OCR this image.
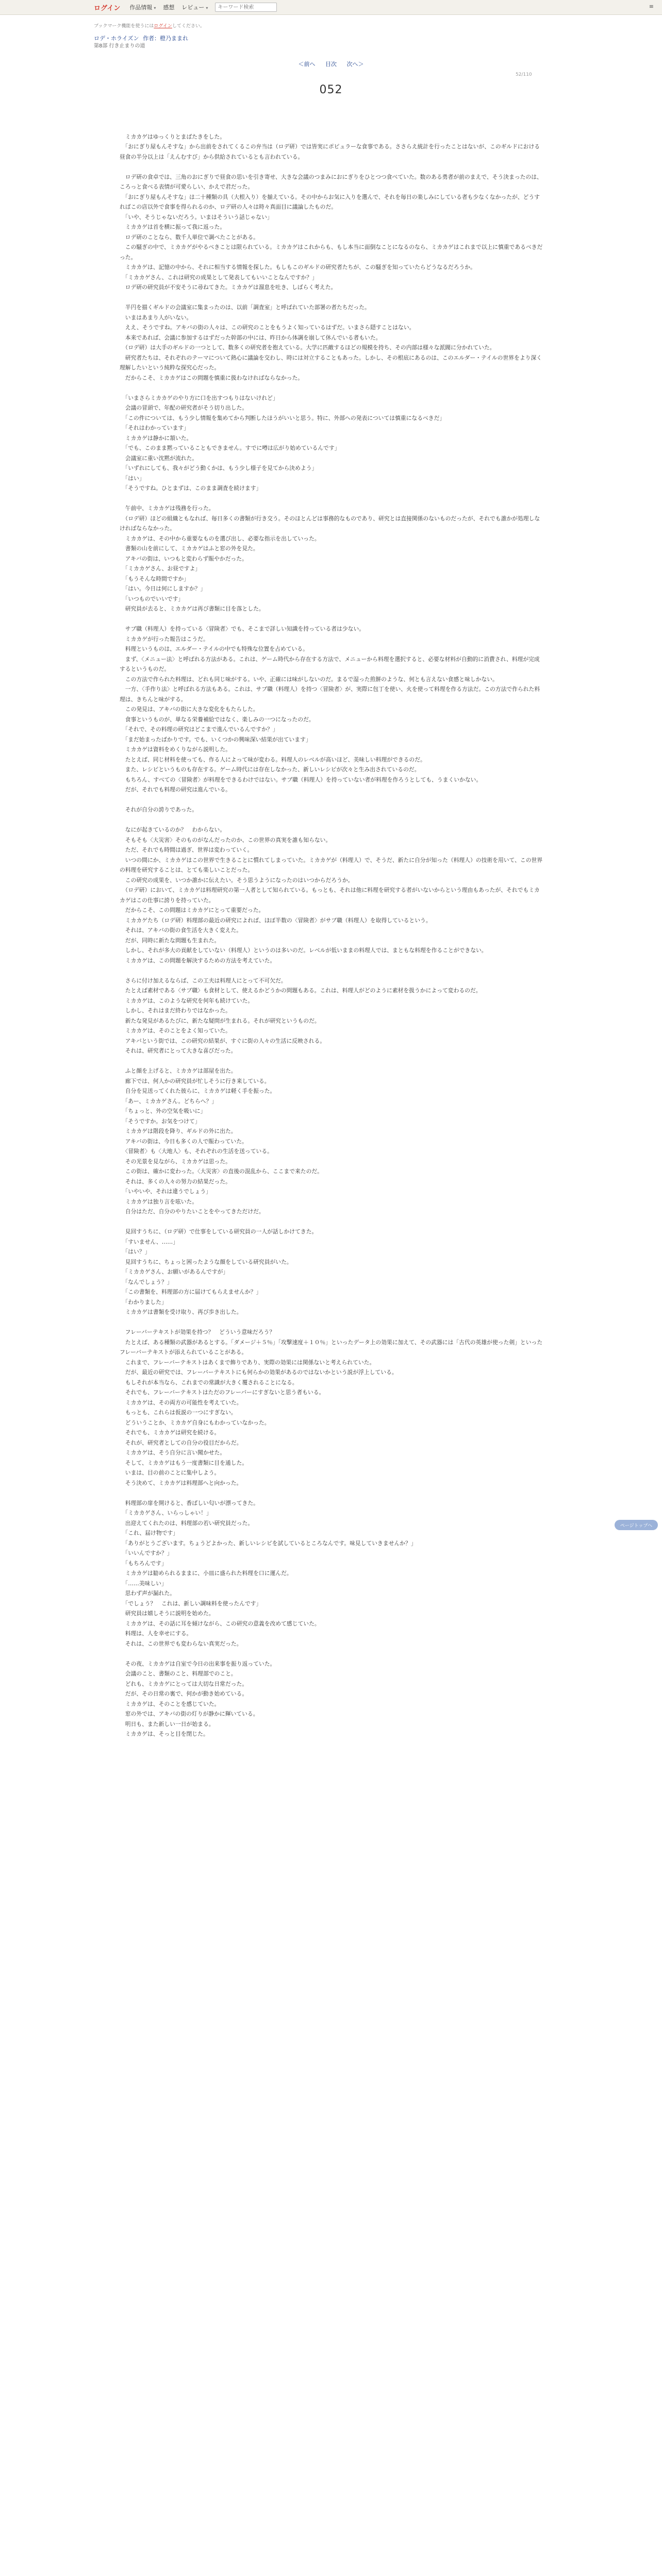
ログイン 作品情報 ▾	感想 レビュー ▾
キーワード検索	≡
ブックマーク機能を使うにはログインしてください。
ロデ・ホライズン 作者：橙乃ままれ
第8部 行き止まりの道
＜前へ 目次 次へ＞
52/110
052

　ミカカゲはゆっくりとまばたきをした。

　「おにぎり屋もんそすな」から出前をされてくるこの弁当は（ロデ研）では皆実にポピュラーな食事である。ささらえ統計を行ったことはないが、このギルドにおける昼食の半分以上は「えんむすび」から供給されているとも言われている。

　ロデ研の食卓では、三角のおにぎりで昼食の思いを引き寄せ、大きな会議のつまみにおにぎりをひとつつ食べていた。数のある勇者が前のまえで、そう決まったのは、ころっと食べる表情が可愛らしい、かえで君だった。

　「おにぎり屋もんそすな」は二十種類の具（大根入り）を揃えている。その中からお気に入りを選んで、それを毎日の楽しみにしている者も少なくなかったが、どうすればこの店以外で食事を得られるのか、ロデ研の人々は時々真面目に議論したものだ。

　「いや、そうじゃないだろう。いまはそういう話じゃない」

　ミカカゲは首を横に振って我に返った。

　ロデ研のことなら、数千人単位で調べたことがある。

　この騒ぎの中で、ミカカゲがやるべきことは限られている。ミカカゲはこれからも、もし本当に面倒なことになるのなら、ミカカゲはこれまで以上に慎重であるべきだった。

　ミカカゲは、記憶の中から、それに相当する情報を探した。もしもこのギルドの研究者たちが、この騒ぎを知っていたらどうなるだろうか。

　「ミカカゲさん、これは研究の成果として発表してもいいことなんですか？」

　ロデ研の研究員が不安そうに尋ねてきた。ミカカゲは溜息を吐き、しばらく考えた。

　半円を描くギルドの会議室に集まったのは、以前「調査室」と呼ばれていた部署の者たちだった。

　いまはあまり人がいない。

　ええ、そうですね。アキバの街の人々は、この研究のことをもうよく知っているはずだ。いまさら隠すことはない。

　本来であれば、会議に参加するはずだった幹部の中には、昨日から体調を崩して休んでいる者もいた。

　（ロデ研）は大手のギルドの一つとして、数多くの研究者を抱えている。大学に匹敵するほどの規模を持ち、その内部は様々な派閥に分かれていた。

　研究者たちは、それぞれのテーマについて熱心に議論を交わし、時には対立することもあった。しかし、その根底にあるのは、このエルダー・テイルの世界をより深く理解したいという純粋な探究心だった。

　だからこそ、ミカカゲはこの問題を慎重に扱わなければならなかった。

　「いまさらミカカゲのやり方に口を出すつもりはないけれど」

　会議の冒頭で、年配の研究者がそう切り出した。

　「この件については、もう少し情報を集めてから判断したほうがいいと思う。特に、外部への発表については慎重になるべきだ」

　「それはわかっています」

　ミカカゲは静かに頷いた。

　「でも、このまま黙っていることもできません。すでに噂は広がり始めているんです」

　会議室に重い沈黙が流れた。

　「いずれにしても、我々がどう動くかは、もう少し様子を見てから決めよう」

　「はい」

　「そうですね。ひとまずは、このまま調査を続けます」

　午前中、ミカカゲは残務を行った。

　（ロデ研）ほどの組織ともなれば、毎日多くの書類が行き交う。そのほとんどは事務的なものであり、研究とは直接関係のないものだったが、それでも誰かが処理しなければならなかった。

　ミカカゲは、その中から重要なものを選び出し、必要な指示を出していった。

　書類の山を前にして、ミカカゲはふと窓の外を見た。

　アキバの街は、いつもと変わらず賑やかだった。

　「ミカカゲさん、お昼ですよ」

　「もうそんな時間ですか」

　「はい。今日は何にしますか？」

　「いつものでいいです」

　研究員が去ると、ミカカゲは再び書類に目を落とした。

　サブ職（料理人）を持っている〈冒険者〉でも、そこまで詳しい知識を持っている者は少ない。

　ミカカゲが行った報告はこうだ。

　料理というものは、エルダー・テイルの中でも特殊な位置を占めている。

　まず、〈メニュー法〉と呼ばれる方法がある。これは、ゲーム時代から存在する方法で、メニューから料理を選択すると、必要な材料が自動的に消費され、料理が完成するというものだ。

　この方法で作られた料理は、どれも同じ味がする。いや、正確には味がしないのだ。まるで湿った煎餅のような、何とも言えない食感と味しかない。

　一方、〈手作り法〉と呼ばれる方法もある。これは、サブ職（料理人）を持つ〈冒険者〉が、実際に包丁を使い、火を使って料理を作る方法だ。この方法で作られた料理は、きちんと味がする。

　この発見は、アキバの街に大きな変化をもたらした。

　食事というものが、単なる栄養補給ではなく、楽しみの一つになったのだ。

　「それで、その料理の研究はどこまで進んでいるんですか？」

　「まだ始まったばかりです。でも、いくつかの興味深い結果が出ています」

　ミカカゲは資料をめくりながら説明した。

　たとえば、同じ材料を使っても、作る人によって味が変わる。料理人のレベルが高いほど、美味しい料理ができるのだ。

　また、レシピというものも存在する。ゲーム時代には存在しなかった、新しいレシピが次々と生み出されているのだ。

　もちろん、すべての〈冒険者〉が料理をできるわけではない。サブ職（料理人）を持っていない者が料理を作ろうとしても、うまくいかない。

　だが、それでも料理の研究は進んでいる。

　それが自分の誇りであった。

　なにが起きているのか？　わからない。

　そもそも〈大災害〉そのものがなんだったのか、この世界の真実を誰も知らない。

　ただ、それでも時間は過ぎ、世界は変わっていく。

　いつの間にか、ミカカゲはこの世界で生きることに慣れてしまっていた。ミカカゲが（料理人）で、そうだ、新たに自分が知った（料理人）の技術を用いて、この世界の料理を研究することは、とても楽しいことだった。

　この研究の成果を、いつか誰かに伝えたい。そう思うようになったのはいつからだろうか。

　（ロデ研）において、ミカカゲは料理研究の第一人者として知られている。もっとも、それは他に料理を研究する者がいないからという理由もあったが、それでもミカカゲはこの仕事に誇りを持っていた。

　だからこそ、この問題はミカカゲにとって重要だった。

　ミカカゲたち（ロデ研）料理部の最近の研究によれば、ほぼ半数の〈冒険者〉がサブ職（料理人）を取得しているという。

　それは、アキバの街の食生活を大きく変えた。

　だが、同時に新たな問題も生まれた。

　しかし、それが多大の貢献をしていない（料理人）というのは多いのだ。レベルが低いままの料理人では、まともな料理を作ることができない。

　ミカカゲは、この問題を解決するための方法を考えていた。

　さらに付け加えるならば、この工夫は料理人にとって不可欠だ。

　たとえば素材である〈サブ職〉も食材として、使えるかどうかの問題もある。これは、料理人がどのように素材を扱うかによって変わるのだ。

　ミカカゲは、このような研究を何年も続けていた。

　しかし、それはまだ終わりではなかった。

　新たな発見があるたびに、新たな疑問が生まれる。それが研究というものだ。

　ミカカゲは、そのことをよく知っていた。

　アキバという街では、この研究の結果が、すぐに街の人々の生活に反映される。

　それは、研究者にとって大きな喜びだった。

　ふと顔を上げると、ミカカゲは部屋を出た。

　廊下では、何人かの研究員が忙しそうに行き来している。

　自分を見送ってくれた彼らに、ミカカゲは軽く手を振った。

　「あー、ミカカゲさん。どちらへ？」

　「ちょっと、外の空気を吸いに」

　「そうですか。お気をつけて」

　ミカカゲは階段を降り、ギルドの外に出た。

　アキバの街は、今日も多くの人で賑わっていた。

　〈冒険者〉も〈大地人〉も、それぞれの生活を送っている。

　その光景を見ながら、ミカカゲは思った。

　この街は、確かに変わった。〈大災害〉の直後の混乱から、ここまで来たのだ。

　それは、多くの人々の努力の結果だった。

　「いやいや、それは違うでしょう」

　ミカカゲは独り言を呟いた。

　自分はただ、自分のやりたいことをやってきただけだ。

　見回すうちに、（ロデ研）で仕事をしている研究員の一人が話しかけてきた。

　「すいません、……」

　「はい？」

　見回すうちに、ちょっと困ったような顔をしている研究員がいた。

　「ミカカゲさん、お願いがあるんですが」

　「なんでしょう？」

　「この書類を、料理部の方に届けてもらえませんか？」

　「わかりました」

　ミカカゲは書類を受け取り、再び歩き出した。

　フレーバーテキストが効果を持つ？　どういう意味だろう？

　たとえば、ある種類の武器があるとする。「ダメージ＋５％」「攻撃速度＋１０％」といったデータ上の効果に加えて、その武器には「古代の英雄が使った剣」といったフレーバーテキストが添えられていることがある。

　これまで、フレーバーテキストはあくまで飾りであり、実際の効果には関係ないと考えられていた。

　だが、最近の研究では、フレーバーテキストにも何らかの効果があるのではないかという説が浮上している。

　もしそれが本当なら、これまでの常識が大きく覆されることになる。

　それでも、フレーバーテキストはただのフレーバーにすぎないと思う者もいる。

　ミカカゲは、その両方の可能性を考えていた。

　もっとも、これらは仮説の一つにすぎない。

　どういうことか、ミカカゲ自身にもわかっていなかった。

　それでも、ミカカゲは研究を続ける。

　それが、研究者としての自分の役目だからだ。

　ミカカゲは、そう自分に言い聞かせた。

　そして、ミカカゲはもう一度書類に目を通した。

　いまは、目の前のことに集中しよう。

　そう決めて、ミカカゲは料理部へと向かった。

　料理部の扉を開けると、香ばしい匂いが漂ってきた。

　「ミカカゲさん、いらっしゃい！」

　出迎えてくれたのは、料理部の若い研究員だった。

　「これ、届け物です」

　「ありがとうございます。ちょうどよかった、新しいレシピを試しているところなんです。味見していきませんか？」

　「いいんですか？」

　「もちろんです」

　ミカカゲは勧められるままに、小皿に盛られた料理を口に運んだ。

　「……美味しい」

　思わず声が漏れた。

　「でしょう？　これは、新しい調味料を使ったんです」

　研究員は嬉しそうに説明を始めた。

　ミカカゲは、その話に耳を傾けながら、この研究の意義を改めて感じていた。

　料理は、人を幸せにする。

　それは、この世界でも変わらない真実だった。

　その夜、ミカカゲは自室で今日の出来事を振り返っていた。

　会議のこと、書類のこと、料理部でのこと。

　どれも、ミカカゲにとっては大切な日常だった。

　だが、その日常の裏で、何かが動き始めている。

　ミカカゲは、そのことを感じていた。

　窓の外では、アキバの街の灯りが静かに輝いている。

　明日も、また新しい一日が始まる。

　ミカカゲは、そっと目を閉じた。

ページトップへ
